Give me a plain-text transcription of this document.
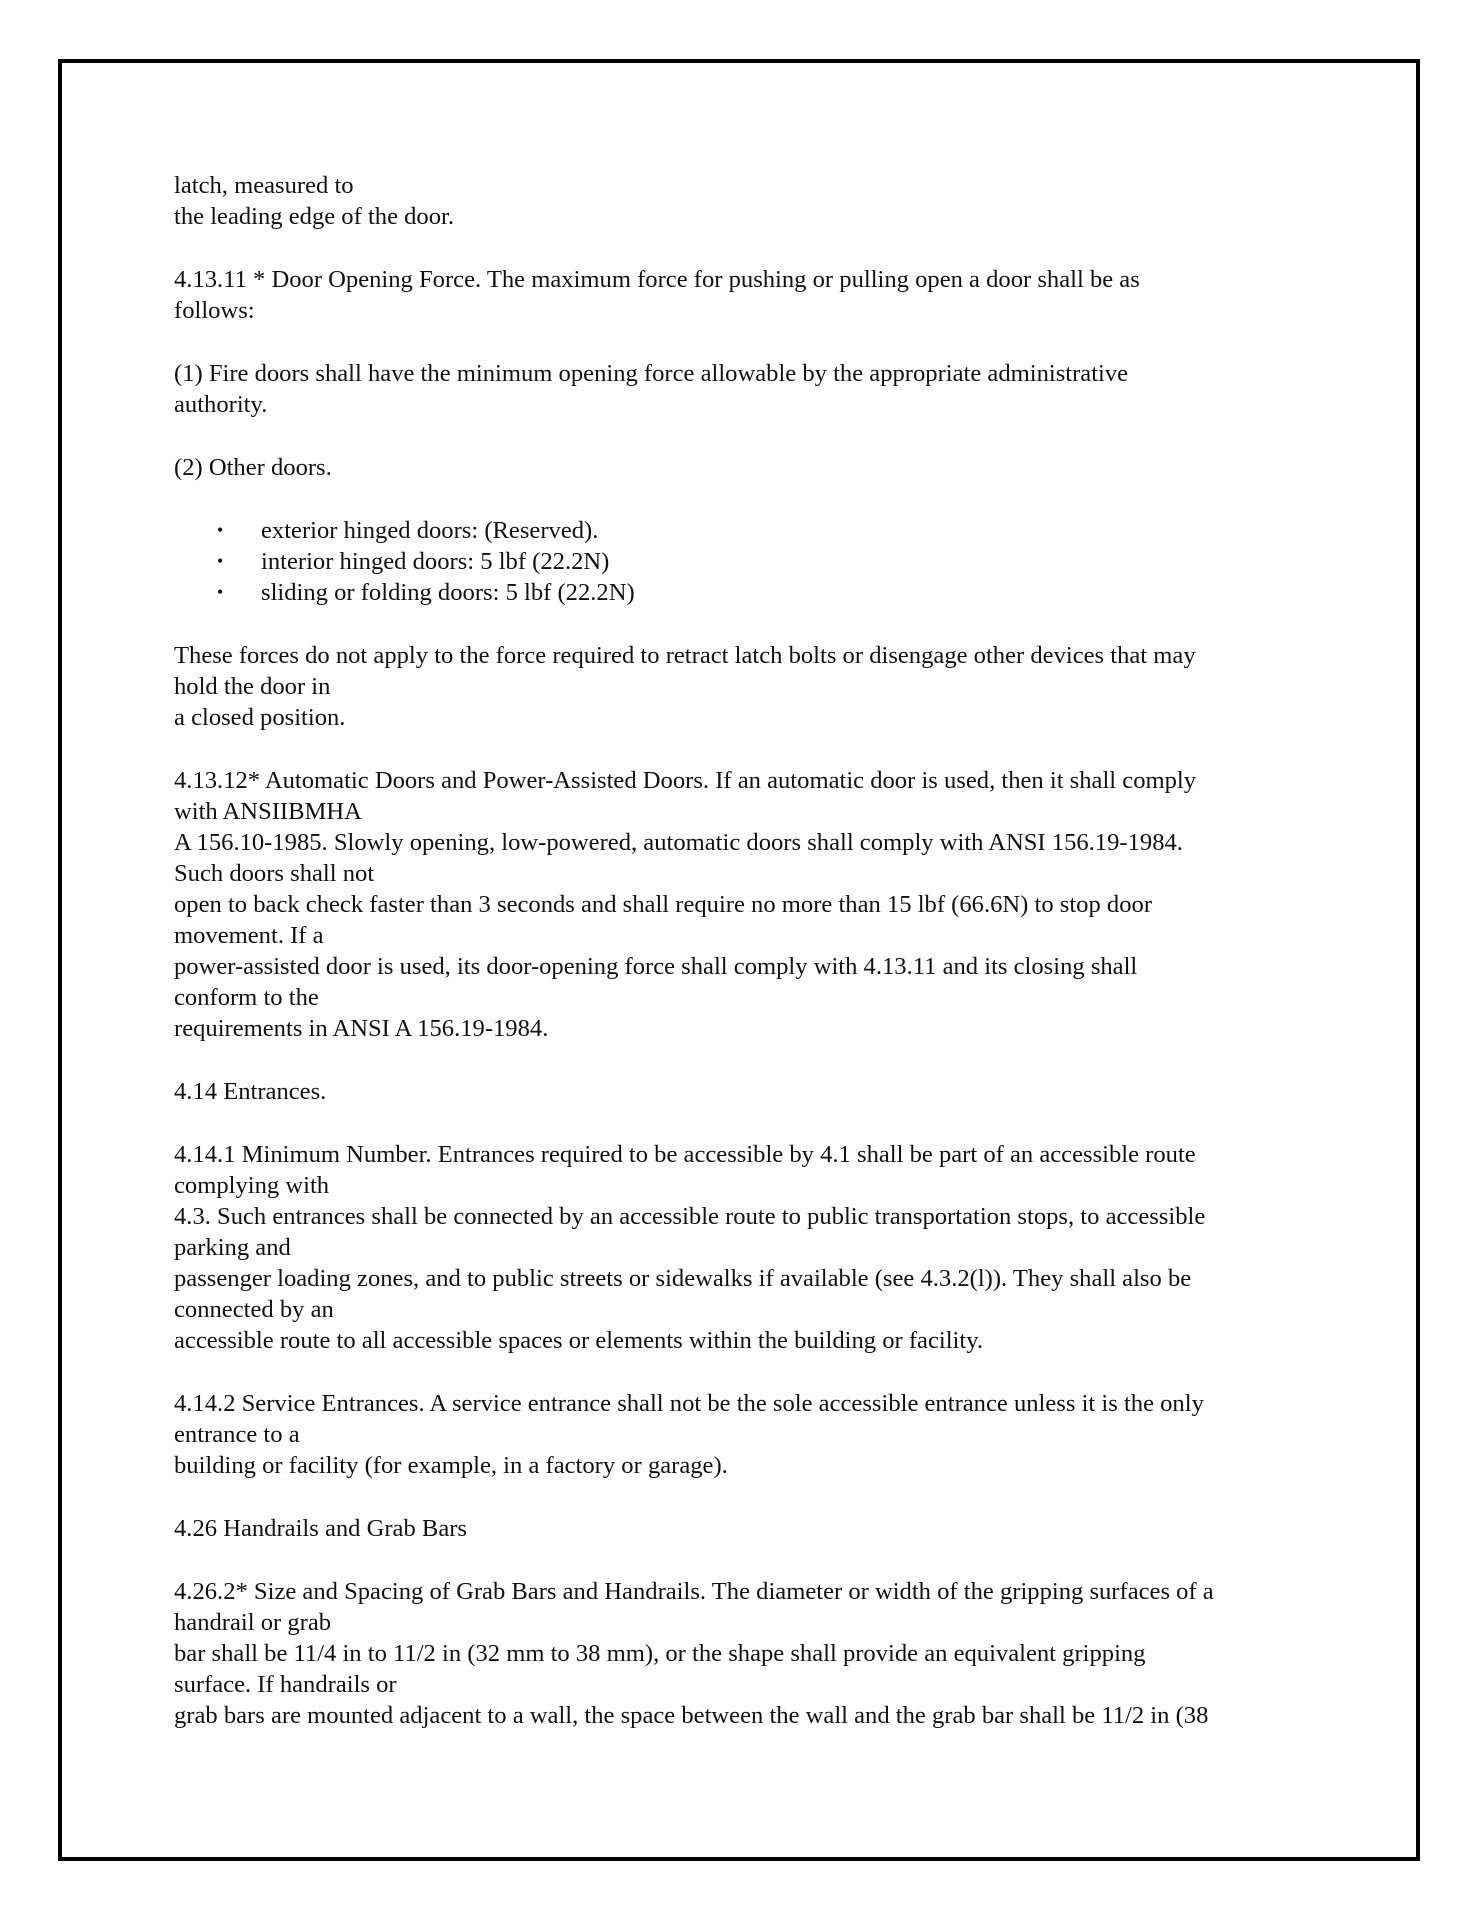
latch, measured to
the leading edge of the door.
4.13.11 * Door Opening Force. The maximum force for pushing or pulling open a door shall be as
follows:
(1) Fire doors shall have the minimum opening force allowable by the appropriate administrative
authority.
(2) Other doors.
• exterior hinged doors: (Reserved).
• interior hinged doors: 5 lbf (22.2N)
• sliding or folding doors: 5 lbf (22.2N)
These forces do not apply to the force required to retract latch bolts or disengage other devices that may
hold the door in
a closed position.
4.13.12* Automatic Doors and Power-Assisted Doors. If an automatic door is used, then it shall comply
with ANSIIBMHA
A 156.10-1985. Slowly opening, low-powered, automatic doors shall comply with ANSI 156.19-1984.
Such doors shall not
open to back check faster than 3 seconds and shall require no more than 15 lbf (66.6N) to stop door
movement. If a
power-assisted door is used, its door-opening force shall comply with 4.13.11 and its closing shall
conform to the
requirements in ANSI A 156.19-1984.
4.14 Entrances.
4.14.1 Minimum Number. Entrances required to be accessible by 4.1 shall be part of an accessible route
complying with
4.3. Such entrances shall be connected by an accessible route to public transportation stops, to accessible
parking and
passenger loading zones, and to public streets or sidewalks if available (see 4.3.2(l)). They shall also be
connected by an
accessible route to all accessible spaces or elements within the building or facility.
4.14.2 Service Entrances. A service entrance shall not be the sole accessible entrance unless it is the only
entrance to a
building or facility (for example, in a factory or garage).
4.26 Handrails and Grab Bars
4.26.2* Size and Spacing of Grab Bars and Handrails. The diameter or width of the gripping surfaces of a
handrail or grab
bar shall be 11/4 in to 11/2 in (32 mm to 38 mm), or the shape shall provide an equivalent gripping
surface. If handrails or
grab bars are mounted adjacent to a wall, the space between the wall and the grab bar shall be 11/2 in (38
